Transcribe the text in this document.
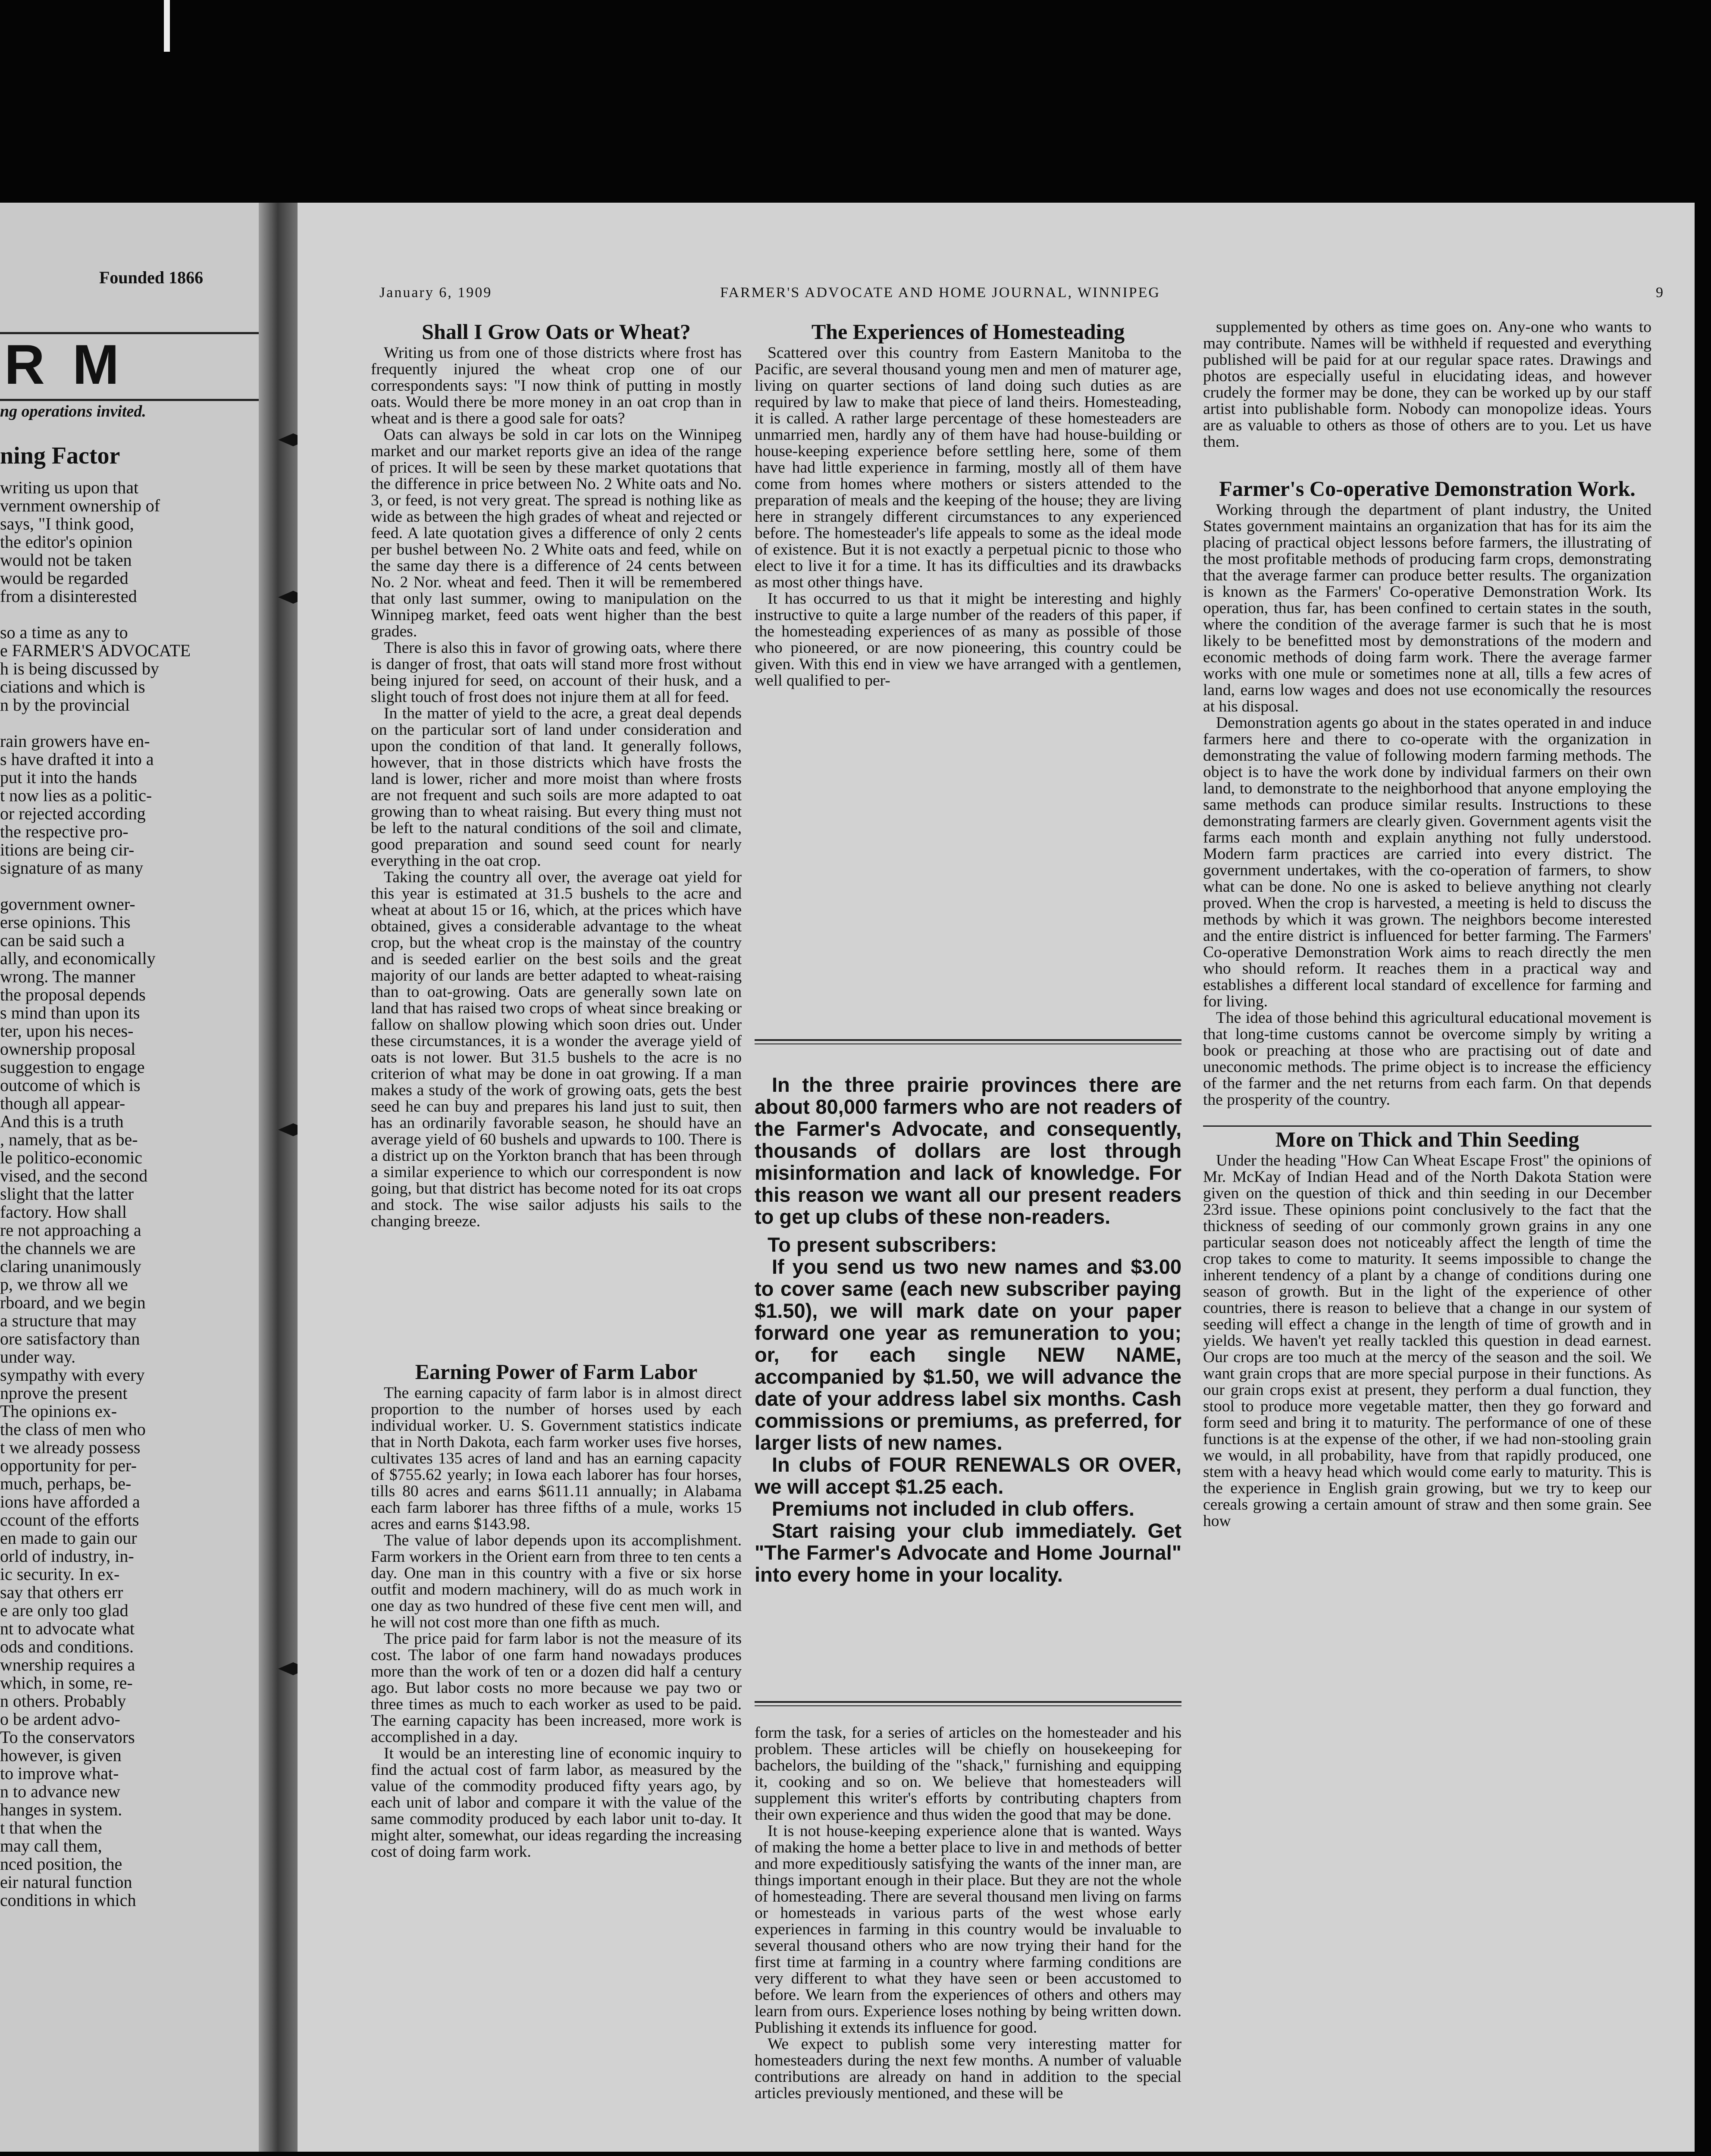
Founded 1866
R M
ng operations invited.
ning Factor

writing us upon that

vernment ownership of

says, "I think good,

the editor's opinion

would not be taken

would be regarded

from a disinterested

so a time as any to

e FARMER'S ADVOCATE

h is being discussed by

ciations and which is

n by the provincial

rain growers have en-

s have drafted it into a

put it into the hands

t now lies as a politic-

or rejected according

the respective pro-

itions are being cir-

signature of as many

government owner-

erse opinions. This

can be said such a

ally, and economically

wrong. The manner

the proposal depends

s mind than upon its

ter, upon his neces-

ownership proposal

suggestion to engage

outcome of which is

though all appear-

And this is a truth

, namely, that as be-

le politico-economic

vised, and the second

slight that the latter

factory. How shall

re not approaching a

the channels we are

claring unanimously

p, we throw all we

rboard, and we begin

a structure that may

ore satisfactory than

under way.

sympathy with every

nprove the present

The opinions ex-

the class of men who

t we already possess

opportunity for per-

much, perhaps, be-

ions have afforded a

ccount of the efforts

en made to gain our

orld of industry, in-

ic security. In ex-

say that others err

e are only too glad

nt to advocate what

ods and conditions.

wnership requires a

which, in some, re-

n others. Probably

o be ardent advo-

To the conservators

however, is given

to improve what-

n to advance new

hanges in system.

t that when the

may call them,

nced position, the

eir natural function

conditions in which

January 6, 1909	FARMER'S ADVOCATE AND HOME JOURNAL, WINNIPEG	9
Shall I Grow Oats or Wheat?

Writing us from one of those districts where frost has frequently injured the wheat crop one of our correspondents says: "I now think of putting in mostly oats. Would there be more money in an oat crop than in wheat and is there a good sale for oats?

Oats can always be sold in car lots on the Winnipeg market and our market reports give an idea of the range of prices. It will be seen by these market quotations that the difference in price between No. 2 White oats and No. 3, or feed, is not very great. The spread is nothing like as wide as between the high grades of wheat and rejected or feed. A late quotation gives a difference of only 2 cents per bushel between No. 2 White oats and feed, while on the same day there is a difference of 24 cents between No. 2 Nor. wheat and feed. Then it will be remembered that only last summer, owing to manipulation on the Winnipeg market, feed oats went higher than the best grades.

There is also this in favor of growing oats, where there is danger of frost, that oats will stand more frost without being injured for seed, on account of their husk, and a slight touch of frost does not injure them at all for feed.

In the matter of yield to the acre, a great deal depends on the particular sort of land under consideration and upon the condition of that land. It generally follows, however, that in those districts which have frosts the land is lower, richer and more moist than where frosts are not frequent and such soils are more adapted to oat growing than to wheat raising. But every thing must not be left to the natural conditions of the soil and climate, good preparation and sound seed count for nearly everything in the oat crop.

Taking the country all over, the average oat yield for this year is estimated at 31.5 bushels to the acre and wheat at about 15 or 16, which, at the prices which have obtained, gives a considerable advantage to the wheat crop, but the wheat crop is the mainstay of the country and is seeded earlier on the best soils and the great majority of our lands are better adapted to wheat-raising than to oat-growing. Oats are generally sown late on land that has raised two crops of wheat since breaking or fallow on shallow plowing which soon dries out. Under these circumstances, it is a wonder the average yield of oats is not lower. But 31.5 bushels to the acre is no criterion of what may be done in oat growing. If a man makes a study of the work of growing oats, gets the best seed he can buy and prepares his land just to suit, then has an ordinarily favorable season, he should have an average yield of 60 bushels and upwards to 100. There is a district up on the Yorkton branch that has been through a similar experience to which our correspondent is now going, but that district has become noted for its oat crops and stock. The wise sailor adjusts his sails to the changing breeze.

Earning Power of Farm Labor

The earning capacity of farm labor is in almost direct proportion to the number of horses used by each individual worker. U. S. Government statistics indicate that in North Dakota, each farm worker uses five horses, cultivates 135 acres of land and has an earning capacity of $755.62 yearly; in Iowa each laborer has four horses, tills 80 acres and earns $611.11 annually; in Alabama each farm laborer has three fifths of a mule, works 15 acres and earns $143.98.

The value of labor depends upon its accomplishment. Farm workers in the Orient earn from three to ten cents a day. One man in this country with a five or six horse outfit and modern machinery, will do as much work in one day as two hundred of these five cent men will, and he will not cost more than one fifth as much.

The price paid for farm labor is not the measure of its cost. The labor of one farm hand nowadays produces more than the work of ten or a dozen did half a century ago. But labor costs no more because we pay two or three times as much to each worker as used to be paid. The earning capacity has been increased, more work is accomplished in a day.

It would be an interesting line of economic inquiry to find the actual cost of farm labor, as measured by the value of the commodity produced fifty years ago, by each unit of labor and compare it with the value of the same commodity produced by each labor unit to-day. It might alter, somewhat, our ideas regarding the increasing cost of doing farm work.

The Experiences of Homesteading

Scattered over this country from Eastern Manitoba to the Pacific, are several thousand young men and men of maturer age, living on quarter sections of land doing such duties as are required by law to make that piece of land theirs. Homesteading, it is called. A rather large percentage of these homesteaders are unmarried men, hardly any of them have had house-building or house-keeping experience before settling here, some of them have had little experience in farming, mostly all of them have come from homes where mothers or sisters attended to the preparation of meals and the keeping of the house; they are living here in strangely different circumstances to any experienced before. The homesteader's life appeals to some as the ideal mode of existence. But it is not exactly a perpetual picnic to those who elect to live it for a time. It has its difficulties and its drawbacks as most other things have.

It has occurred to us that it might be interesting and highly instructive to quite a large number of the readers of this paper, if the homesteading experiences of as many as possible of those who pioneered, or are now pioneering, this country could be given. With this end in view we have arranged with a gentlemen, well qualified to per-

In the three prairie provinces there are about 80,000 farmers who are not readers of the Farmer's Advocate, and consequently, thousands of dollars are lost through misinformation and lack of knowledge. For this reason we want all our present readers to get up clubs of these non-readers.

To present subscribers:

If you send us two new names and $3.00 to cover same (each new subscriber paying $1.50), we will mark date on your paper forward one year as remuneration to you; or, for each single NEW NAME, accompanied by $1.50, we will advance the date of your address label six months. Cash commissions or premiums, as preferred, for larger lists of new names.

In clubs of FOUR RENEWALS OR OVER, we will accept $1.25 each.

Premiums not included in club offers.

Start raising your club immediately. Get "The Farmer's Advocate and Home Journal" into every home in your locality.

form the task, for a series of articles on the homesteader and his problem. These articles will be chiefly on housekeeping for bachelors, the building of the "shack," furnishing and equipping it, cooking and so on. We believe that homesteaders will supplement this writer's efforts by contributing chapters from their own experience and thus widen the good that may be done.

It is not house-keeping experience alone that is wanted. Ways of making the home a better place to live in and methods of better and more expeditiously satisfying the wants of the inner man, are things important enough in their place. But they are not the whole of homesteading. There are several thousand men living on farms or homesteads in various parts of the west whose early experiences in farming in this country would be invaluable to several thousand others who are now trying their hand for the first time at farming in a country where farming conditions are very different to what they have seen or been accustomed to before. We learn from the experiences of others and others may learn from ours. Experience loses nothing by being written down. Publishing it extends its influence for good.

We expect to publish some very interesting matter for homesteaders during the next few months. A number of valuable contributions are already on hand in addition to the special articles previously mentioned, and these will be

supplemented by others as time goes on. Any-one who wants to may contribute. Names will be withheld if requested and everything published will be paid for at our regular space rates. Drawings and photos are especially useful in elucidating ideas, and however crudely the former may be done, they can be worked up by our staff artist into publishable form. Nobody can monopolize ideas. Yours are as valuable to others as those of others are to you. Let us have them.

Farmer's Co-operative Demonstration Work.

Working through the department of plant industry, the United States government maintains an organization that has for its aim the placing of practical object lessons before farmers, the illustrating of the most profitable methods of producing farm crops, demonstrating that the average farmer can produce better results. The organization is known as the Farmers' Co-operative Demonstration Work. Its operation, thus far, has been confined to certain states in the south, where the condition of the average farmer is such that he is most likely to be benefitted most by demonstrations of the modern and economic methods of doing farm work. There the average farmer works with one mule or sometimes none at all, tills a few acres of land, earns low wages and does not use economically the resources at his disposal.

Demonstration agents go about in the states operated in and induce farmers here and there to co-operate with the organization in demonstrating the value of following modern farming methods. The object is to have the work done by individual farmers on their own land, to demonstrate to the neighborhood that anyone employing the same methods can produce similar results. Instructions to these demonstrating farmers are clearly given. Government agents visit the farms each month and explain anything not fully understood. Modern farm practices are carried into every district. The government undertakes, with the co-operation of farmers, to show what can be done. No one is asked to believe anything not clearly proved. When the crop is harvested, a meeting is held to discuss the methods by which it was grown. The neighbors become interested and the entire district is influenced for better farming. The Farmers' Co-operative Demonstration Work aims to reach directly the men who should reform. It reaches them in a practical way and establishes a different local standard of excellence for farming and for living.

The idea of those behind this agricultural educational movement is that long-time customs cannot be overcome simply by writing a book or preaching at those who are practising out of date and uneconomic methods. The prime object is to increase the efficiency of the farmer and the net returns from each farm. On that depends the prosperity of the country.

More on Thick and Thin Seeding

Under the heading "How Can Wheat Escape Frost" the opinions of Mr. McKay of Indian Head and of the North Dakota Station were given on the question of thick and thin seeding in our December 23rd issue. These opinions point conclusively to the fact that the thickness of seeding of our commonly grown grains in any one particular season does not noticeably affect the length of time the crop takes to come to maturity. It seems impossible to change the inherent tendency of a plant by a change of conditions during one season of growth. But in the light of the experience of other countries, there is reason to believe that a change in our system of seeding will effect a change in the length of time of growth and in yields. We haven't yet really tackled this question in dead earnest. Our crops are too much at the mercy of the season and the soil. We want grain crops that are more special purpose in their functions. As our grain crops exist at present, they perform a dual function, they stool to produce more vegetable matter, then they go forward and form seed and bring it to maturity. The performance of one of these functions is at the expense of the other, if we had non-stooling grain we would, in all probability, have from that rapidly produced, one stem with a heavy head which would come early to maturity. This is the experience in English grain growing, but we try to keep our cereals growing a certain amount of straw and then some grain. See how
